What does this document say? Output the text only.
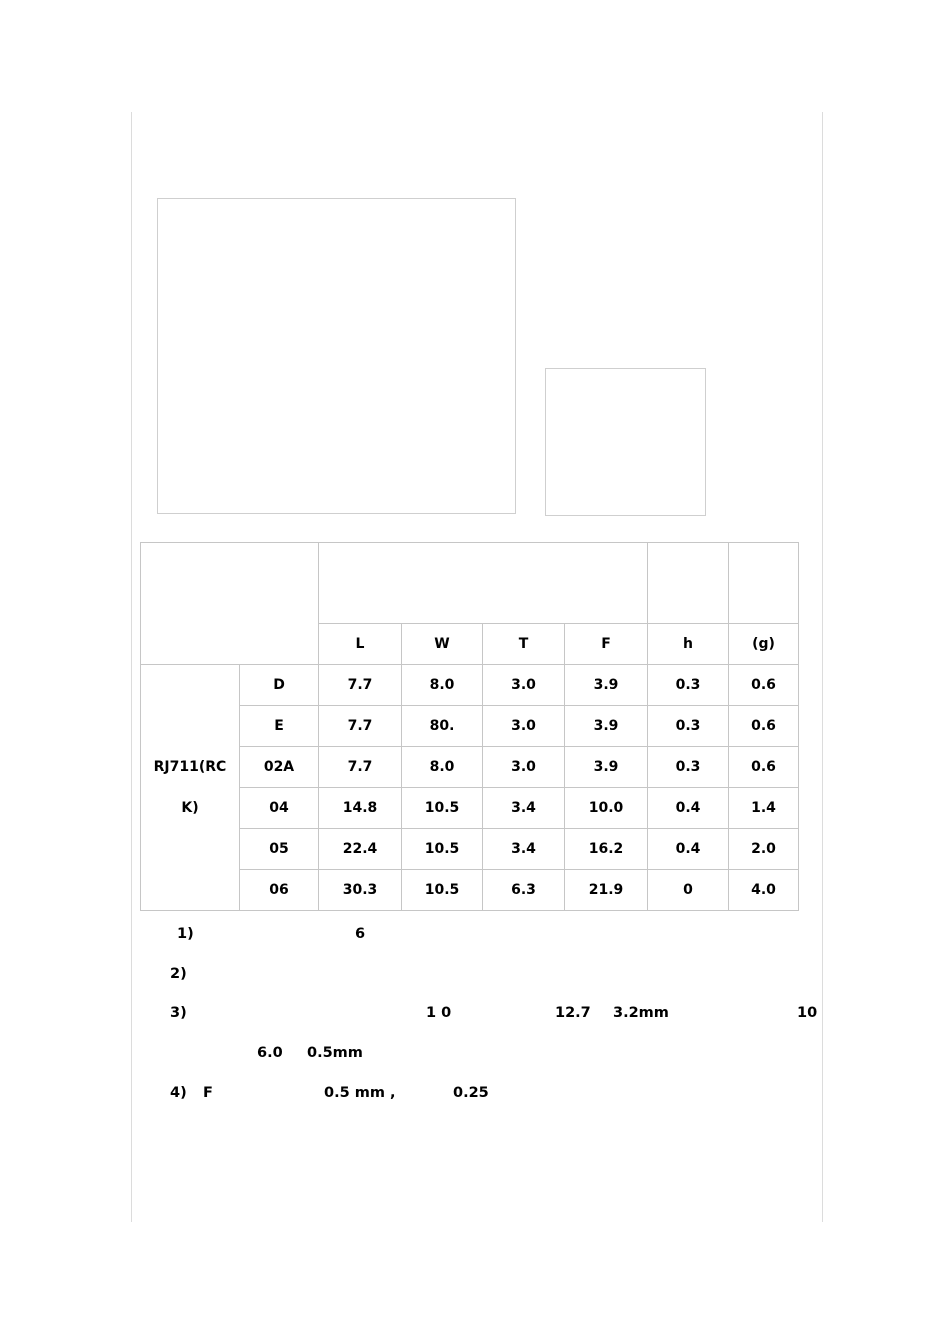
		L	W	T	F	h	(g)
RJ711(RC
K)	D	7.7	8.0	3.0	3.9	0.3	0.6
	E	7.7	80.	3.0	3.9	0.3	0.6
	02A	7.7	8.0	3.0	3.9	0.3	0.6
	04	14.8	10.5	3.4	10.0	0.4	1.4
	05	22.4	10.5	3.4	16.2	0.4	2.0
	06	30.3	10.5	6.3	21.9	0	4.0
1)	6
2)
3)	1 0	12.7 3.2mm	10
6.0 0.5mm
4) F	0.5 mm ,	0.25
